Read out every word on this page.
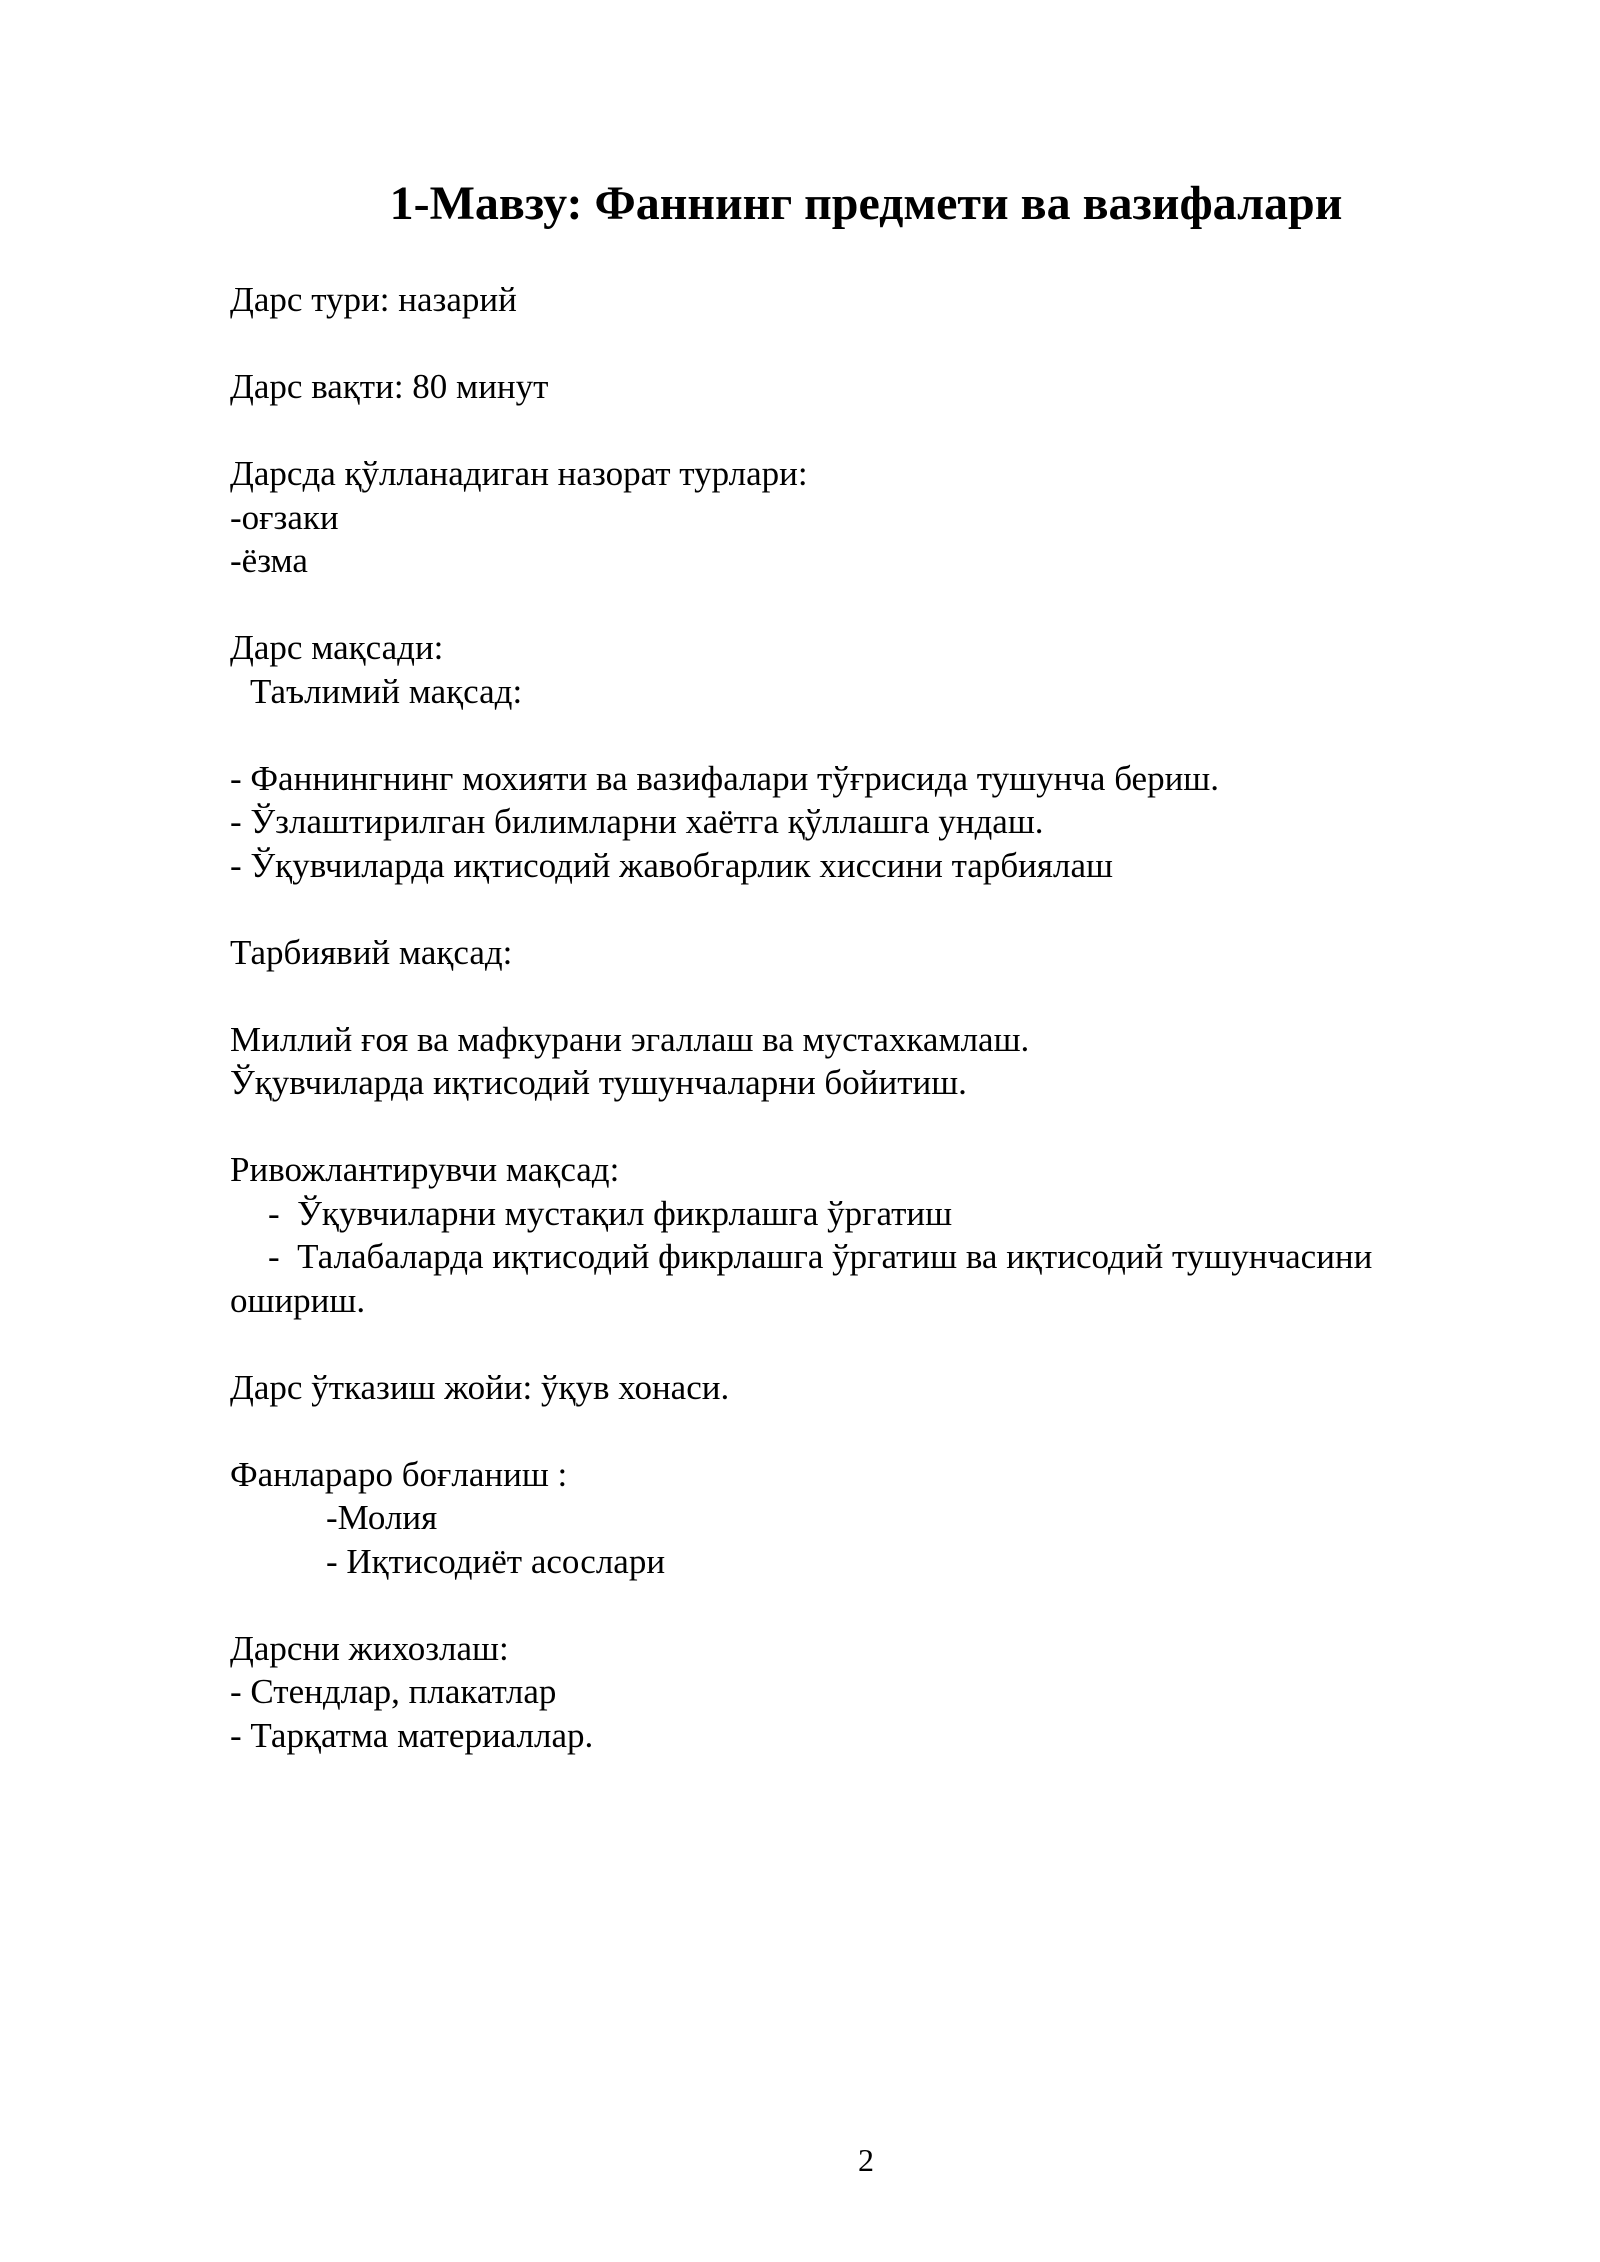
1-Мавзу: Фаннинг предмети ва вазифалари

Дарс тури: назарий

Дарс вақти: 80 минут

Дарсда қўлланадиган назорат турлари:

-оғзаки

-ёзма

Дарс мақсади:

Таълимий мақсад:

- Фаннингнинг мохияти ва вазифалари тўғрисида тушунча бериш.

- Ўзлаштирилган билимларни хаётга қўллашга ундаш.

- Ўқувчиларда иқтисодий жавобгарлик хиссини тарбиялаш

Тарбиявий мақсад:

Миллий ғоя ва мафкурани эгаллаш ва мустахкамлаш.

Ўқувчиларда иқтисодий тушунчаларни бойитиш.

Ривожлантирувчи мақсад:

-  Ўқувчиларни мустақил фикрлашга ўргатиш

-  Талабаларда иқтисодий фикрлашга ўргатиш ва иқтисодий тушунчасини

ошириш.

Дарс ўтказиш жойи: ўқув хонаси.

Фанлараро боғланиш :

-Молия

- Иқтисодиёт асослари

Дарсни жихозлаш:

- Стендлар, плакатлар

- Тарқатма материаллар.

2
